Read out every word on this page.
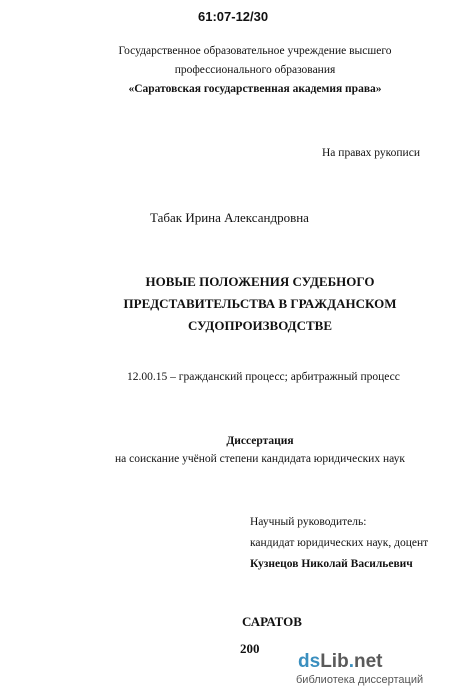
61:07-12/30
Государственное образовательное учреждение высшего
профессионального образования
«Саратовская государственная академия права»
На правах рукописи
Табак Ирина Александровна
НОВЫЕ ПОЛОЖЕНИЯ СУДЕБНОГО
ПРЕДСТАВИТЕЛЬСТВА В ГРАЖДАНСКОМ
СУДОПРОИЗВОДСТВЕ
12.00.15 – гражданский процесс; арбитражный процесс
Диссертация
на соискание учёной степени кандидата юридических наук
Научный руководитель:
кандидат юридических наук, доцент
Кузнецов Николай Васильевич
САРАТОВ
200
dsLib.net
библиотека диссертаций
